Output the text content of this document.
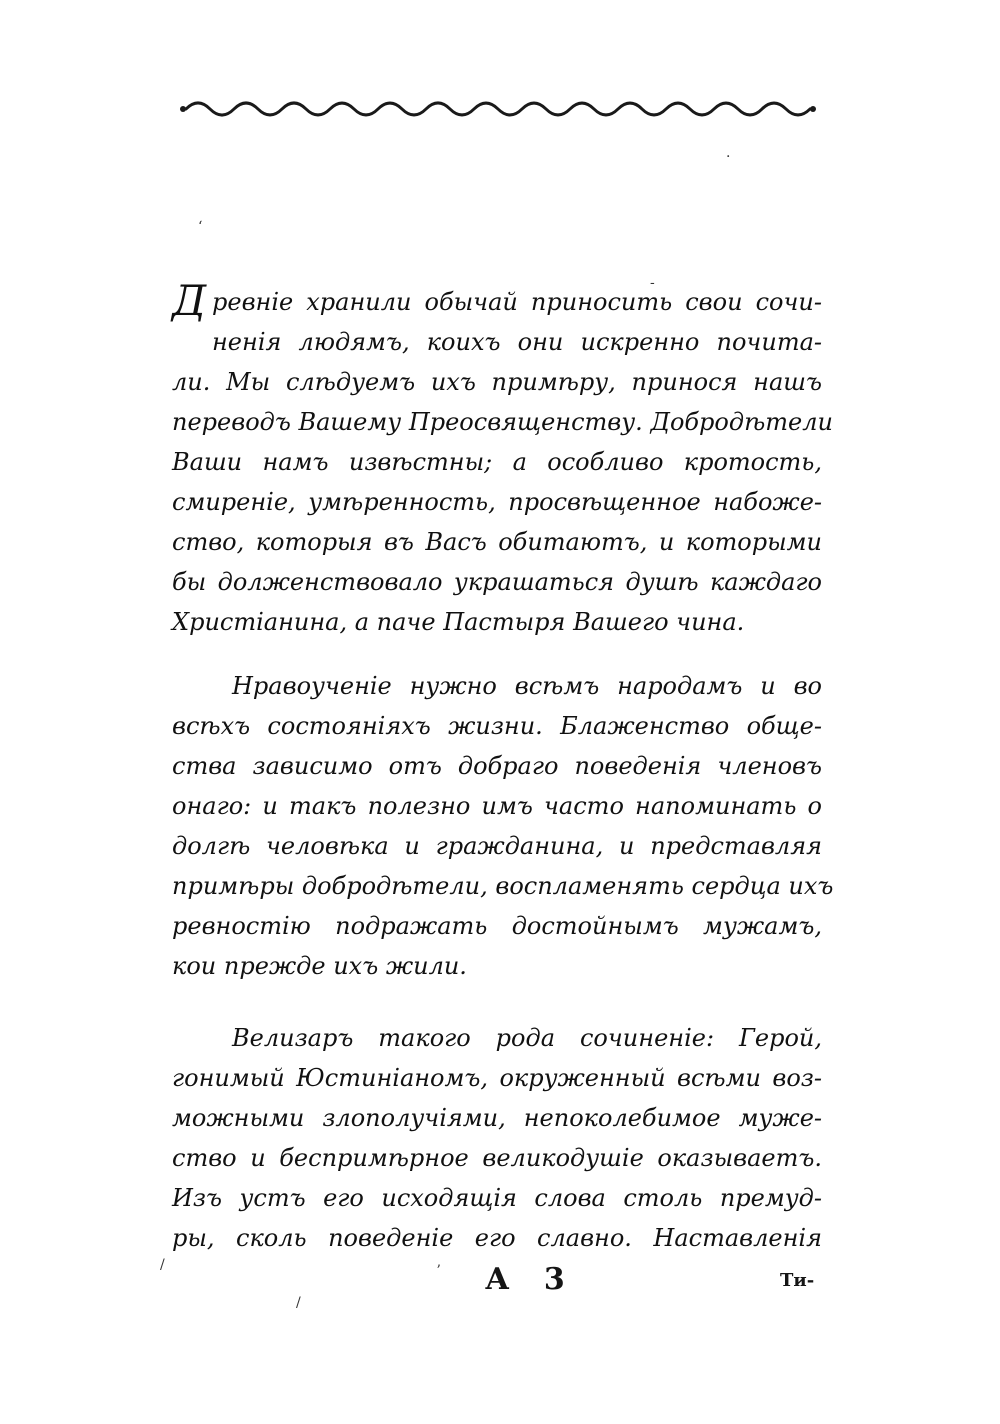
·
‘
‐
Д ревніе хранили обычай приносить свои сочи-
ненія людямъ, коихъ они искренно почита-
ли. Мы слѣдуемъ ихъ примѣру, принося нашъ
переводъ Вашему Преосвященству. Добродѣтели
Ваши намъ извѣстны; а особливо кротость,
смиреніе, умѣренность, просвѣщенное набоже-
ство, которыя въ Васъ обитаютъ, и которыми
бы долженствовало украшаться душѣ каждаго
Христіанина, а паче Пастыря Вашего чина.
Нравоученіе нужно всѣмъ народамъ и во
всѣхъ состояніяхъ жизни. Блаженство обще-
ства зависимо отъ добраго поведенія членовъ
онаго: и такъ полезно имъ часто напоминать о
долгѣ человѣка и гражданина, и представляя
примѣры добродѣтели, воспламенять сердца ихъ
ревностію подражать достойнымъ мужамъ,
кои прежде ихъ жили.
Велизаръ такого рода сочиненіе: Герой,
гонимый Юстиніаномъ, окруженный всѣми воз-
можными злополучіями, непоколебимое муже-
ство и беспримѣрное великодушіе оказываетъ.
Изъ устъ его исходящія слова столь премуд-
ры, сколь поведеніе его славно. Наставленія
А 3	Ти-
/	ʼ
/
